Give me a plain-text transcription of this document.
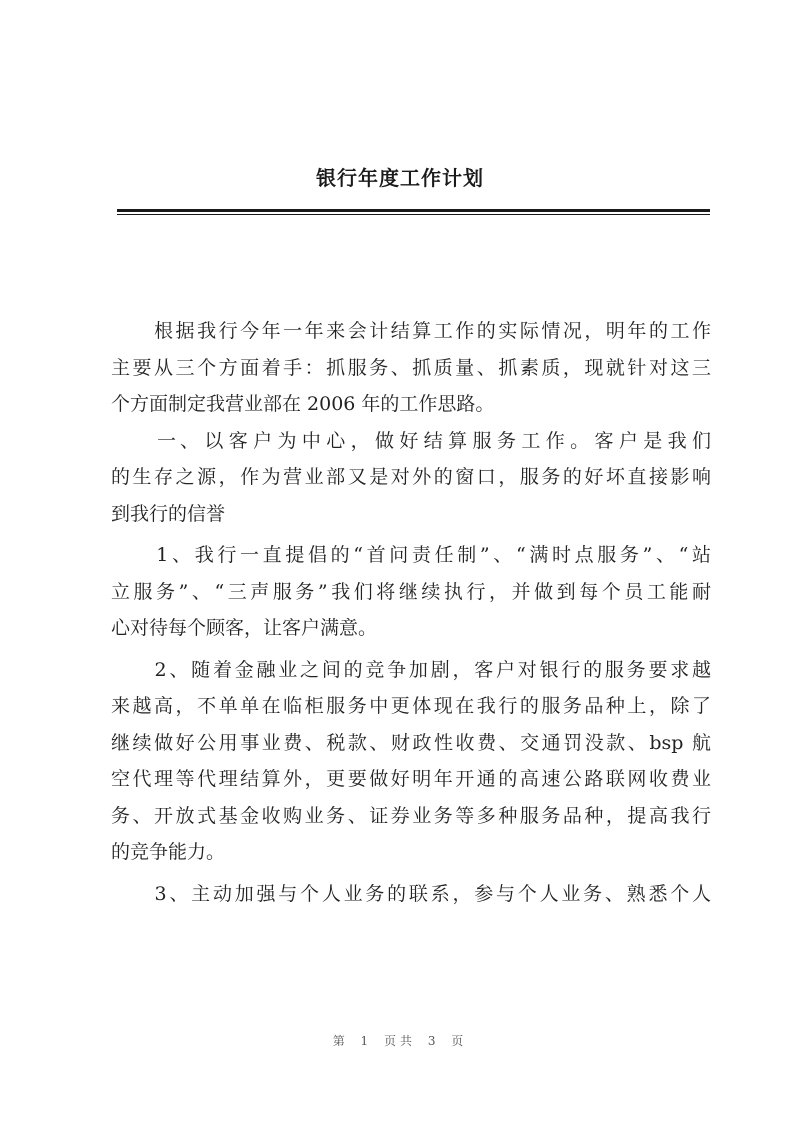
银行年度工作计划
　　根据我行今年一年来会计结算工作的实际情况，明年的工作
主要从三个方面着手：抓服务、抓质量、抓素质，现就针对这三
个方面制定我营业部在 2006 年的工作思路。
　　一、以客户为中心，做好结算服务工作。客户是我们
的生存之源，作为营业部又是对外的窗口，服务的好坏直接影响
到我行的信誉
　　1、我行一直提倡的“首问责任制”、“满时点服务”、“站
立服务”、“三声服务”我们将继续执行，并做到每个员工能耐
心对待每个顾客，让客户满意。
　　2、随着金融业之间的竞争加剧，客户对银行的服务要求越
来越高，不单单在临柜服务中更体现在我行的服务品种上，除了
继续做好公用事业费、税款、财政性收费、交通罚没款、bsp 航
空代理等代理结算外，更要做好明年开通的高速公路联网收费业
务、开放式基金收购业务、证券业务等多种服务品种，提高我行
的竞争能力。
　　3、主动加强与个人业务的联系，参与个人业务、熟悉个人
第 1 页共 3 页
